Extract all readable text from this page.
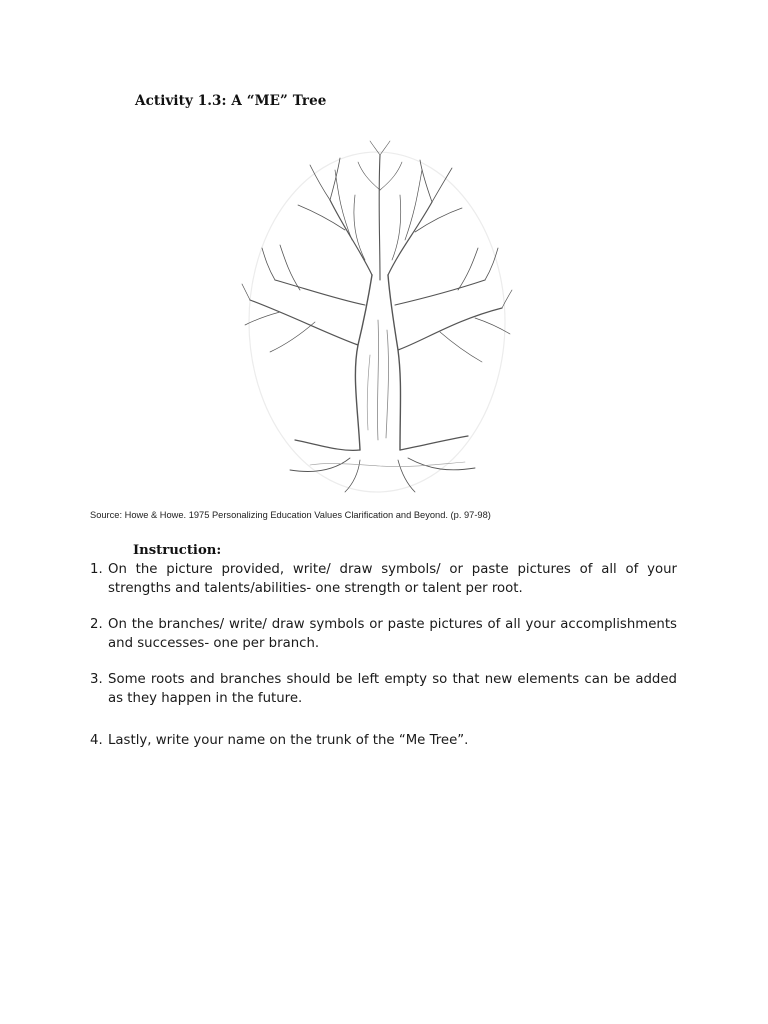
Activity 1.3: A “ME” Tree
Source: Howe & Howe. 1975 Personalizing Education Values Clarification and Beyond. (p. 97-98)
Instruction:
1. On the picture provided, write/ draw symbols/ or paste pictures of all of your strengths and talents/abilities- one strength or talent per root.
2. On the branches/ write/ draw symbols or paste pictures of all your accomplishments and successes- one per branch.
3. Some roots and branches should be left empty so that new elements can be added as they happen in the future.
4. Lastly, write your name on the trunk of the “Me Tree”.
